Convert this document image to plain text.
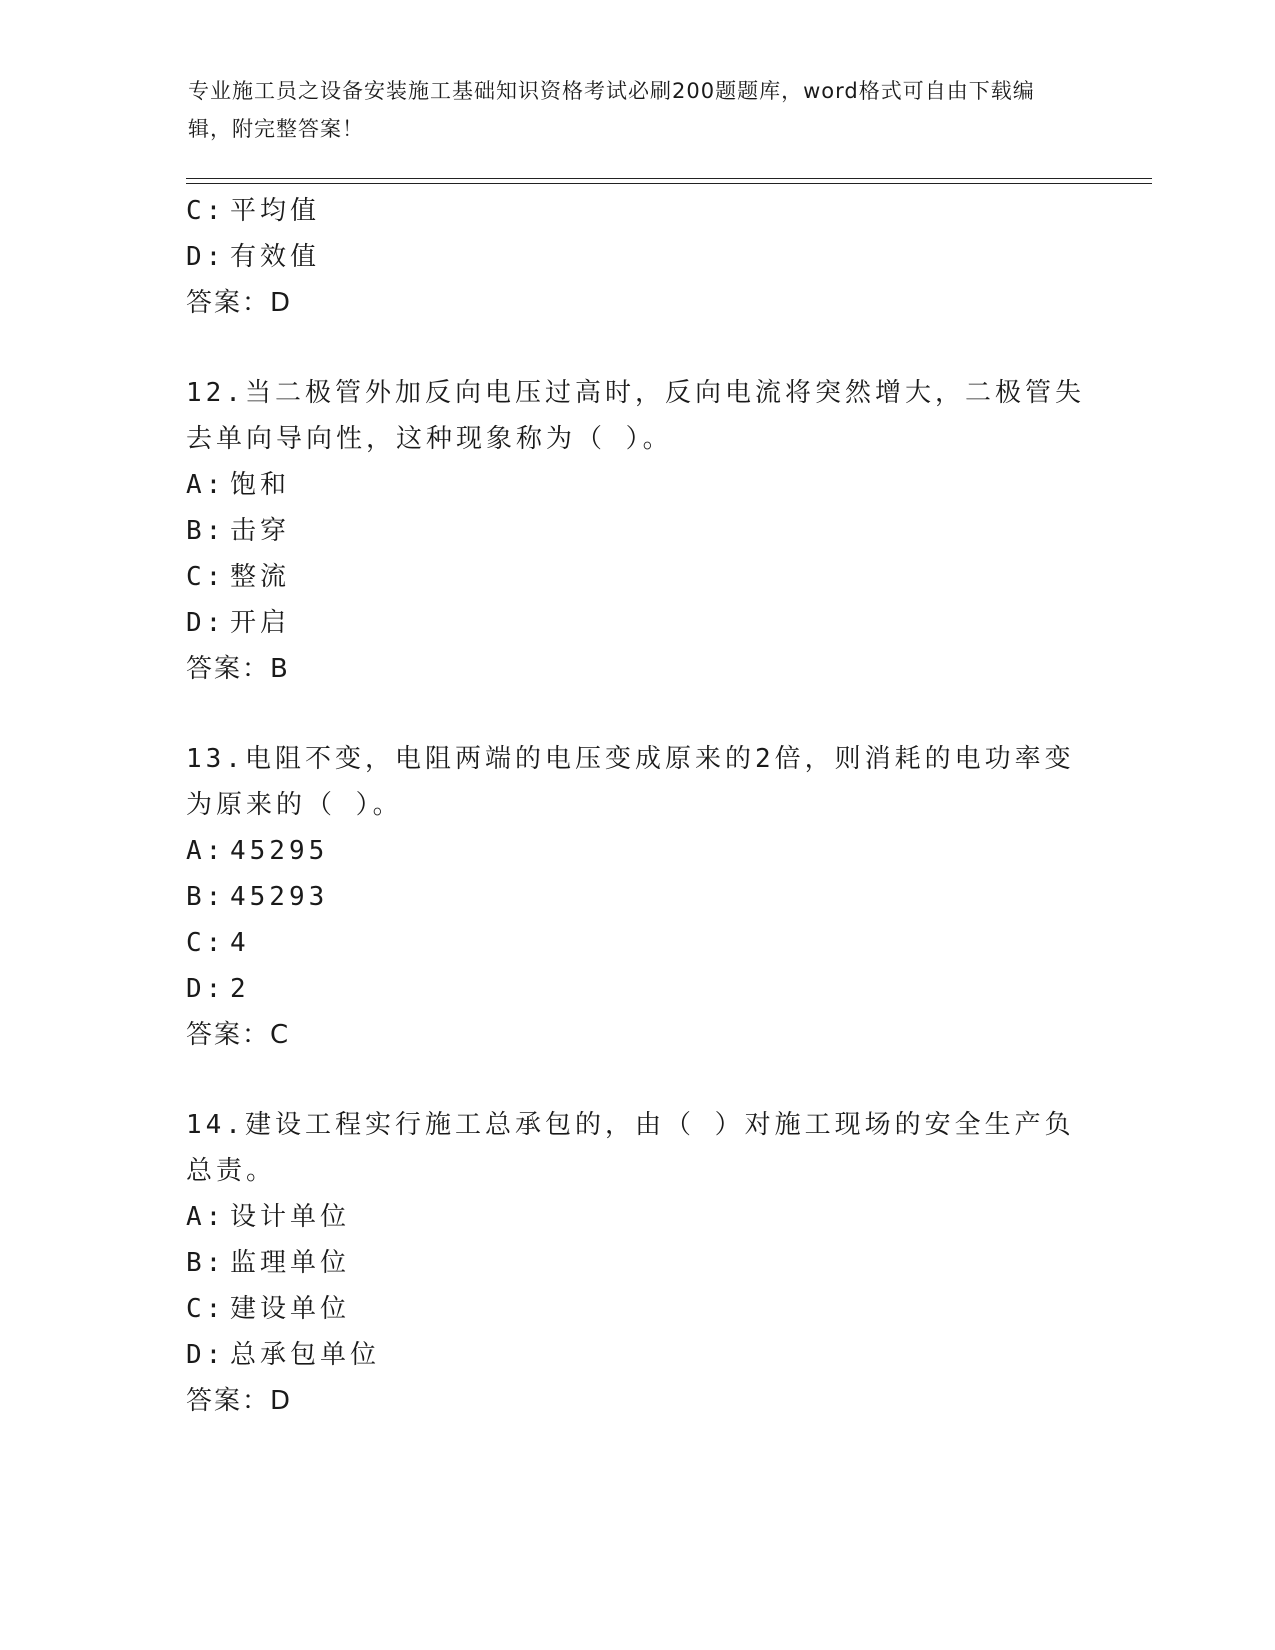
专业施工员之设备安装施工基础知识资格考试必刷200题题库，word格式可自由下载编辑，附完整答案！
C: 平均值
D: 有效值
答案：D
12.当二极管外加反向电压过高时，反向电流将突然增大，二极管失去单向导向性，这种现象称为（ ）。
A: 饱和
B: 击穿
C: 整流
D: 开启
答案：B
13.电阻不变，电阻两端的电压变成原来的2倍，则消耗的电功率变为原来的（ ）。
A: 45295
B: 45293
C: 4
D: 2
答案：C
14.建设工程实行施工总承包的，由（ ）对施工现场的安全生产负总责。
A: 设计单位
B: 监理单位
C: 建设单位
D: 总承包单位
答案：D
